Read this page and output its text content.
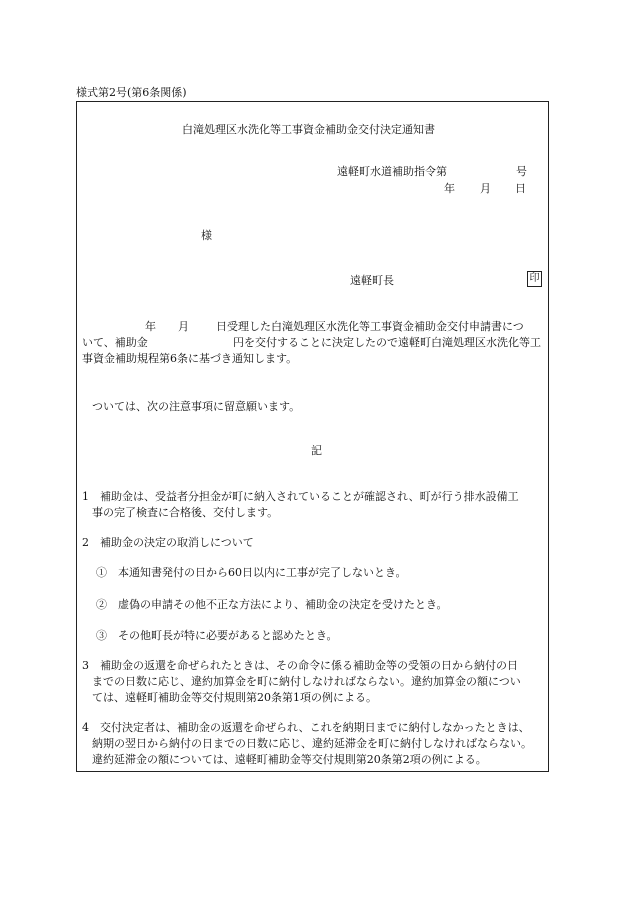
様式第2号(第6条関係)
白滝処理区水洗化等工事資金補助金交付決定通知書
遠軽町水道補助指令第	号
年 月 日
様
遠軽町長	印
年 月 日受理した白滝処理区水洗化等工事資金補助金交付申請書につ
いて、補助金	円を交付することに決定したので遠軽町白滝処理区水洗化等工
事資金補助規程第6条に基づき通知します。
ついては、次の注意事項に留意願います。
記
1　補助金は、受益者分担金が町に納入されていることが確認され、町が行う排水設備工
事の完了検査に合格後、交付します。
2　補助金の決定の取消しについて
①　本通知書発付の日から60日以内に工事が完了しないとき。
②　虚偽の申請その他不正な方法により、補助金の決定を受けたとき。
③　その他町長が特に必要があると認めたとき。
3　補助金の返還を命ぜられたときは、その命令に係る補助金等の受領の日から納付の日
までの日数に応じ、違約加算金を町に納付しなければならない。違約加算金の額につい
ては、遠軽町補助金等交付規則第20条第1項の例による。
4　交付決定者は、補助金の返還を命ぜられ、これを納期日までに納付しなかったときは、
納期の翌日から納付の日までの日数に応じ、違約延滞金を町に納付しなければならない。
違約延滞金の額については、遠軽町補助金等交付規則第20条第2項の例による。
